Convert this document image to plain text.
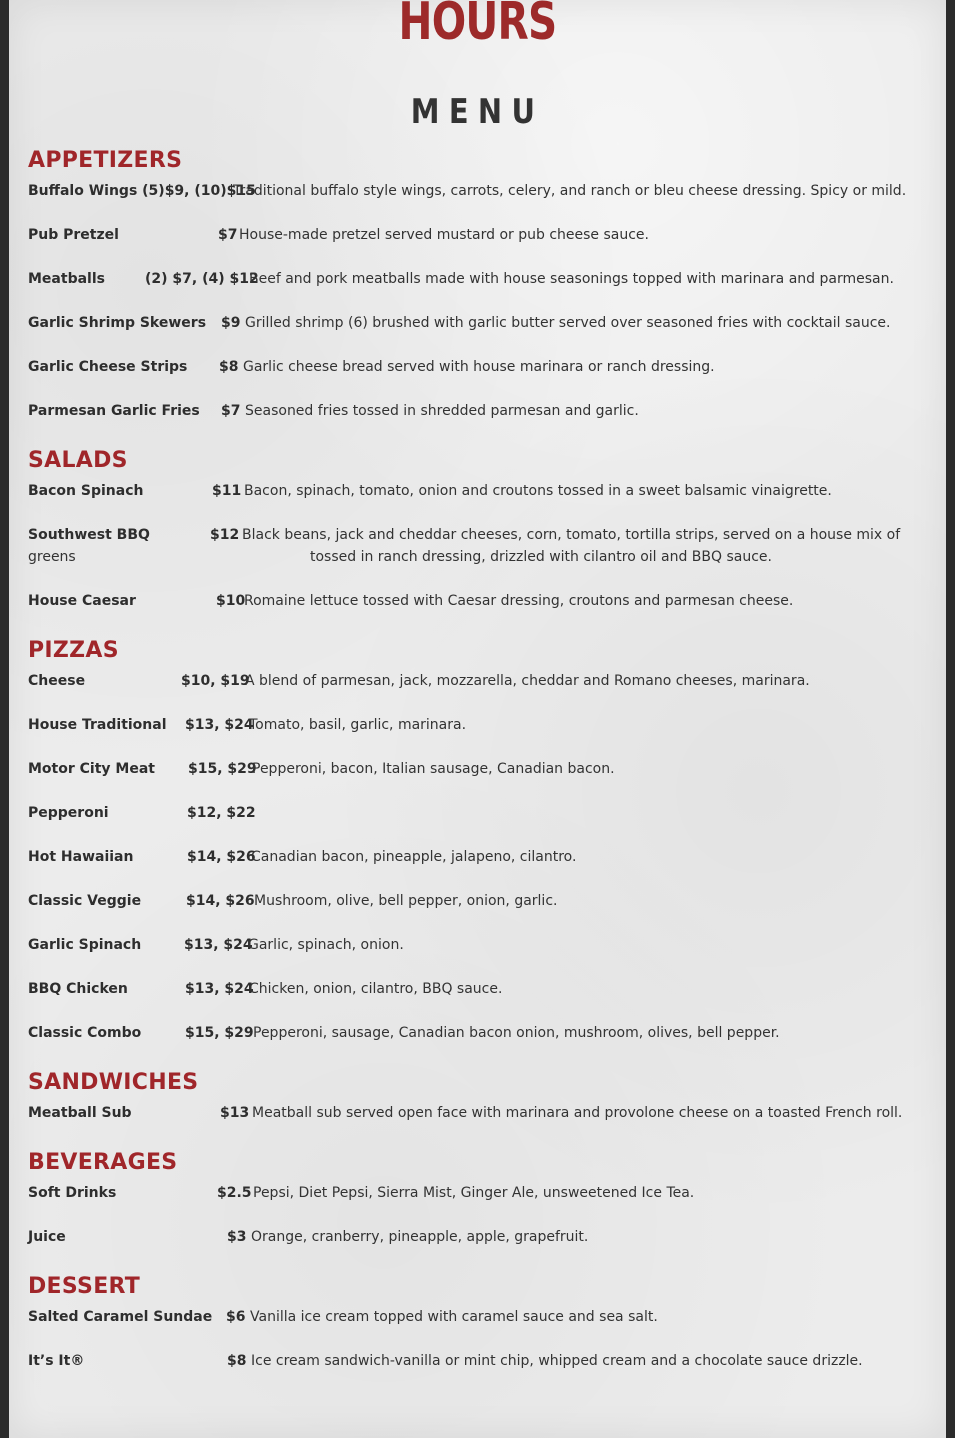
HOURS
MENU
APPETIZERS
Buffalo Wings (5)$9, (10)$15
Traditional buffalo style wings, carrots, celery, and ranch or bleu cheese dressing. Spicy or mild.
Pub Pretzel	$7 House-made pretzel served mustard or pub cheese sauce.
Meatballs	(2) $7, (4) $12
Beef and pork meatballs made with house seasonings topped with marinara and parmesan.
Garlic Shrimp Skewers $9 Grilled shrimp (6) brushed with garlic butter served over seasoned fries with cocktail sauce.
Garlic Cheese Strips $8 Garlic cheese bread served with house marinara or ranch dressing.
Parmesan Garlic Fries $7 Seasoned fries tossed in shredded parmesan and garlic.
SALADS
Bacon Spinach	$11 Bacon, spinach, tomato, onion and croutons tossed in a sweet balsamic vinaigrette.
Southwest BBQ	$12 Black beans, jack and cheddar cheeses, corn, tomato, tortilla strips, served on a house mix of
greens	tossed in ranch dressing, drizzled with cilantro oil and BBQ sauce.
House Caesar	$10
Romaine lettuce tossed with Caesar dressing, croutons and parmesan cheese.
PIZZAS
Cheese	$10, $19
A blend of parmesan, jack, mozzarella, cheddar and Romano cheeses, marinara.
House Traditional $13, $24
Tomato, basil, garlic, marinara.
Motor City Meat $15, $29
Pepperoni, bacon, Italian sausage, Canadian bacon.
Pepperoni	$12, $22
Hot Hawaiian	$14, $26
Canadian bacon, pineapple, jalapeno, cilantro.
Classic Veggie	$14, $26 Mushroom, olive, bell pepper, onion, garlic.
Garlic Spinach	$13, $24
Garlic, spinach, onion.
BBQ Chicken	$13, $24
Chicken, onion, cilantro, BBQ sauce.
Classic Combo	$15, $29 Pepperoni, sausage, Canadian bacon onion, mushroom, olives, bell pepper.
SANDWICHES
Meatball Sub	$13 Meatball sub served open face with marinara and provolone cheese on a toasted French roll.
BEVERAGES
Soft Drinks	$2.5 Pepsi, Diet Pepsi, Sierra Mist, Ginger Ale, unsweetened Ice Tea.
Juice	$3 Orange, cranberry, pineapple, apple, grapefruit.
DESSERT
Salted Caramel Sundae $6 Vanilla ice cream topped with caramel sauce and sea salt.
It’s It®	$8 Ice cream sandwich-vanilla or mint chip, whipped cream and a chocolate sauce drizzle.
